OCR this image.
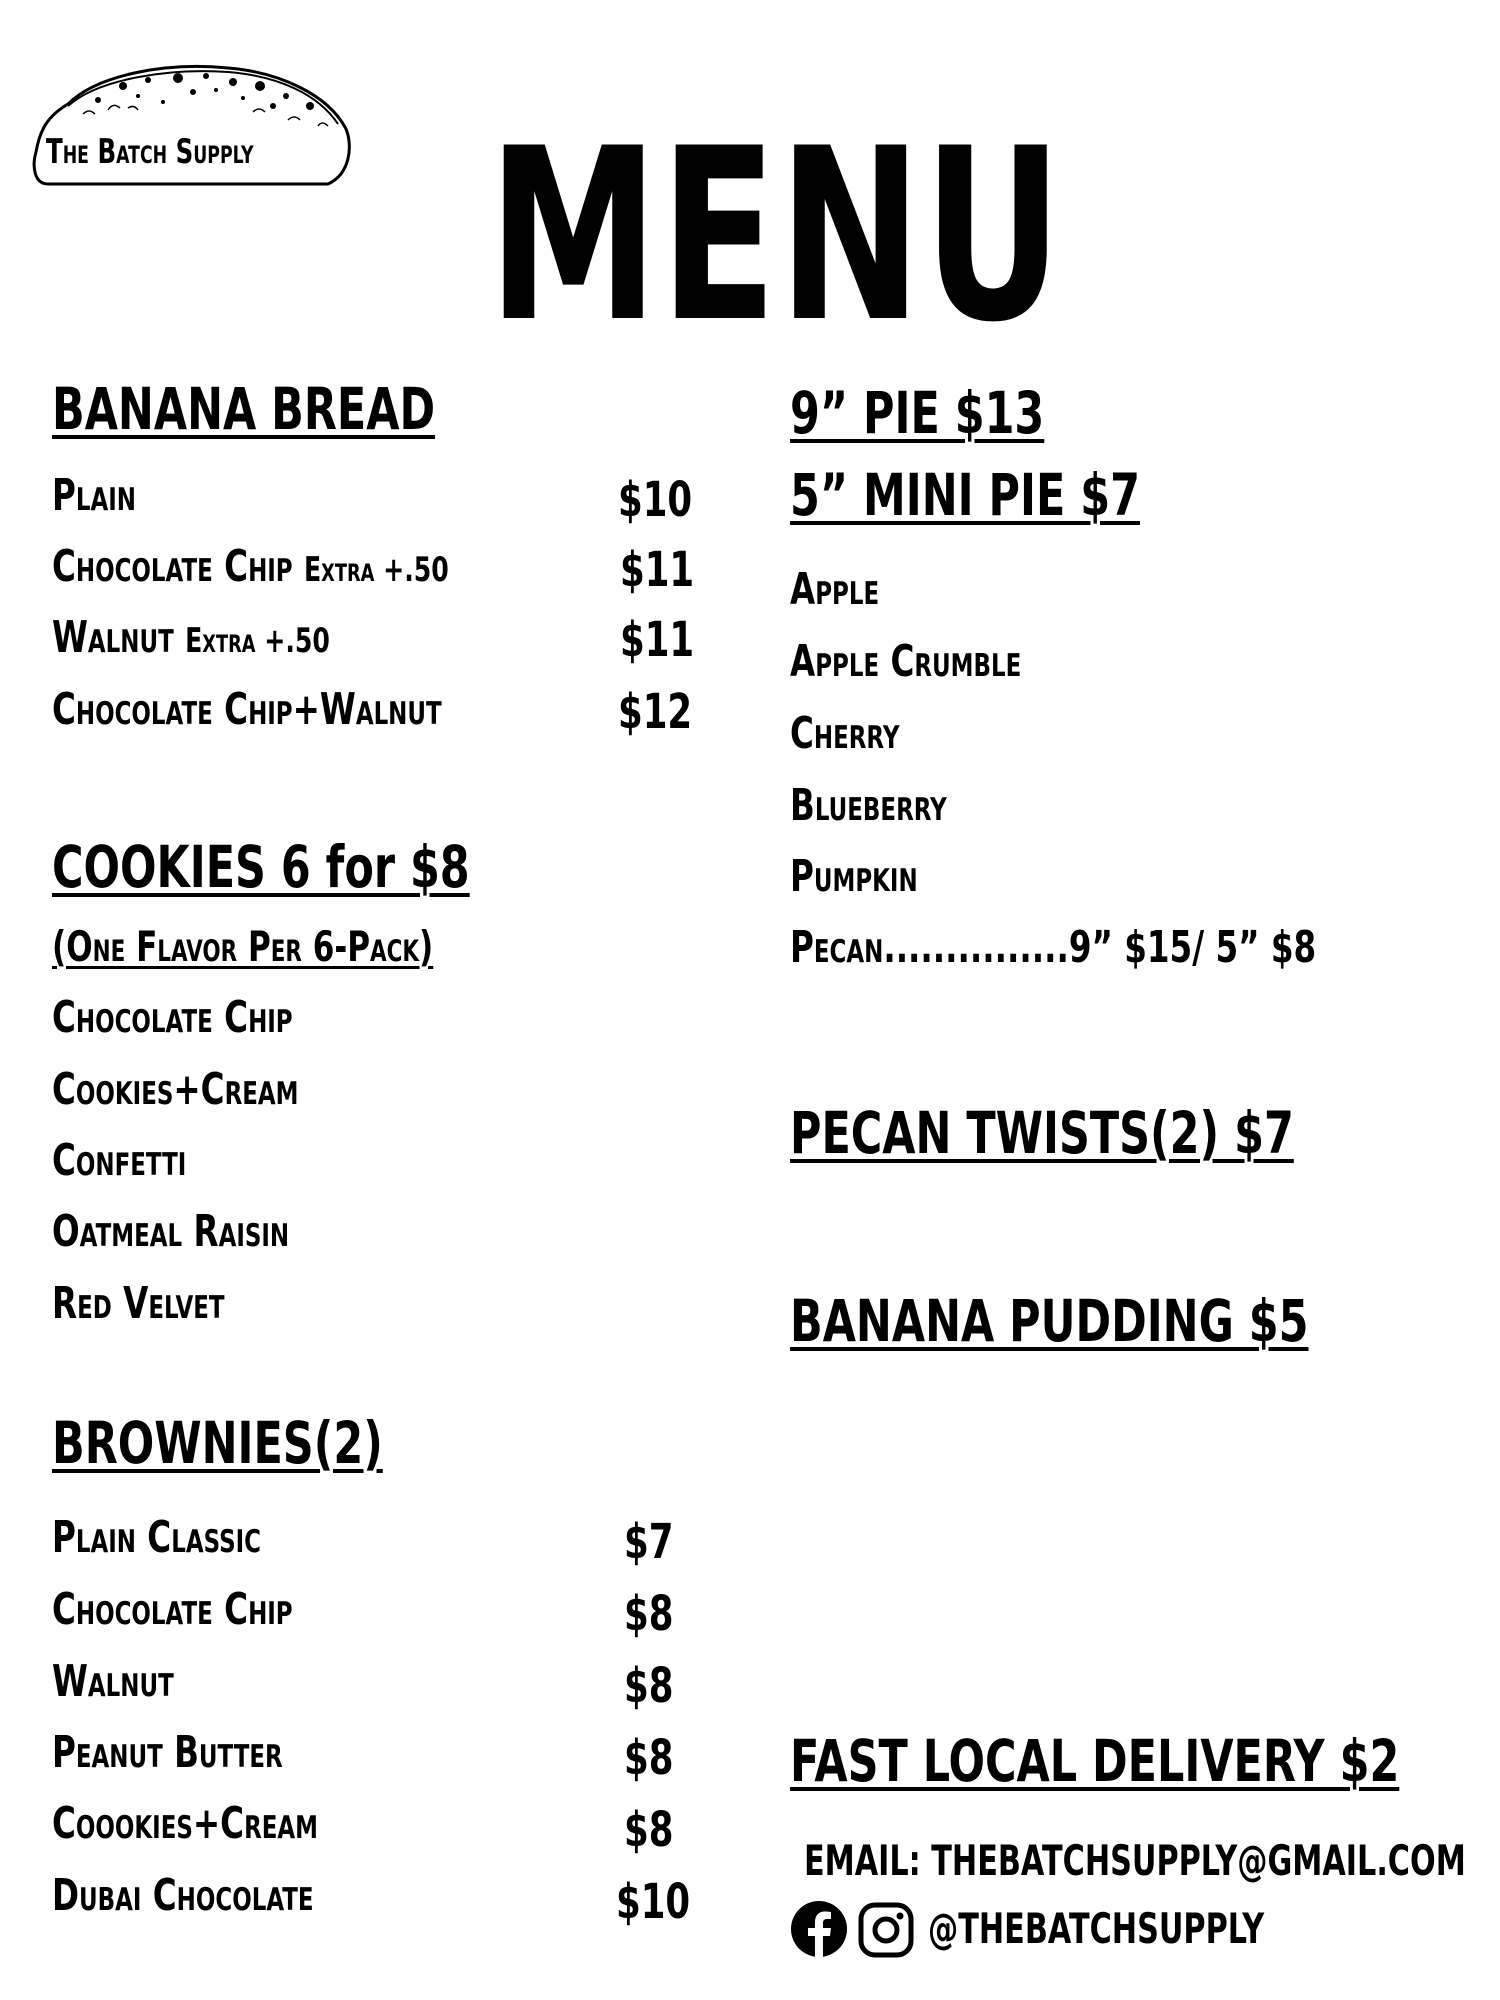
The Batch Supply MENU
BANANA BREAD
Plain	$10
Chocolate Chip Extra +.50	$11
Walnut Extra +.50	$11
Chocolate Chip+Walnut	$12
COOKIES 6 for $8
(One Flavor Per 6-Pack)
Chocolate Chip
Cookies+Cream
Confetti
Oatmeal Raisin
Red Velvet
BROWNIES(2)
Plain Classic	$7
Chocolate Chip	$8
Walnut	$8
Peanut Butter	$8
Coookies+Cream	$8
Dubai Chocolate	$10
9” PIE $13
5” MINI PIE $7
Apple
Apple Crumble
Cherry
Blueberry
Pumpkin
Pecan...............9” $15/ 5” $8
PECAN TWISTS(2) $7
BANANA PUDDING $5
FAST LOCAL DELIVERY $2
EMAIL: THEBATCHSUPPLY@GMAIL.COM
@THEBATCHSUPPLY
